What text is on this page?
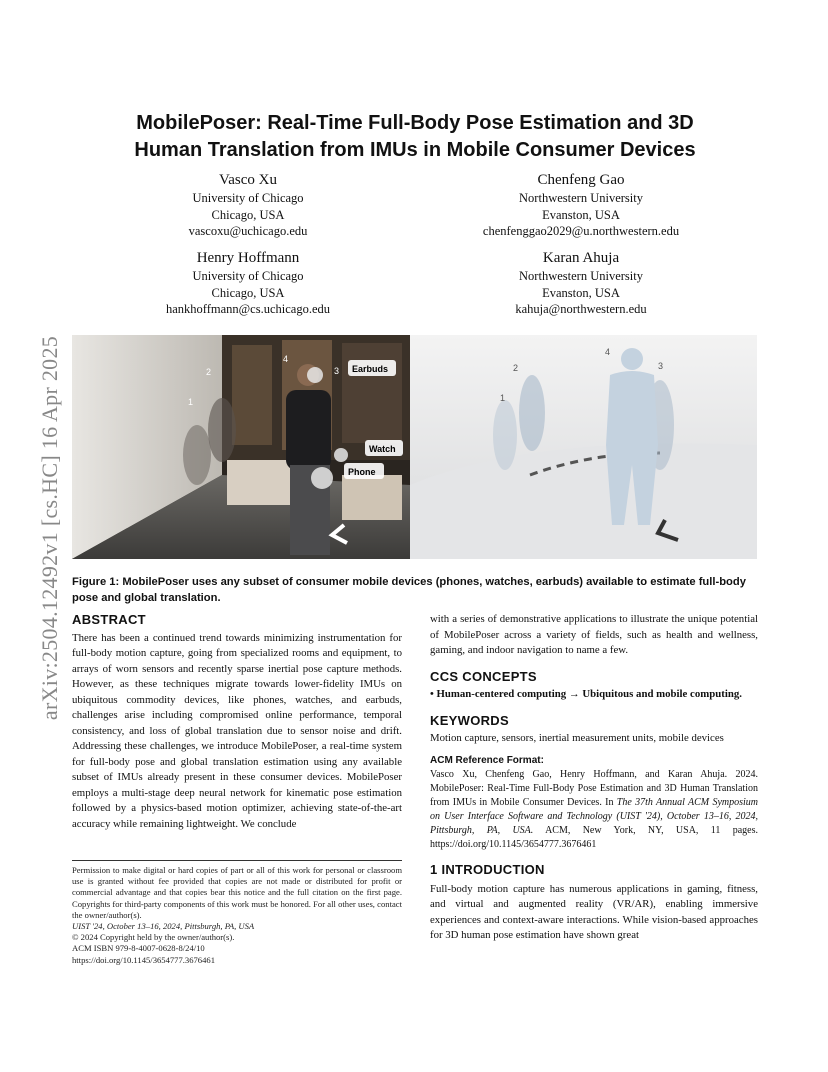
arXiv:2504.12492v1 [cs.HC] 16 Apr 2025
MobilePoser: Real-Time Full-Body Pose Estimation and 3D
Human Translation from IMUs in Mobile Consumer Devices
Vasco Xu
University of Chicago
Chicago, USA
vascoxu@uchicago.edu
Chenfeng Gao
Northwestern University
Evanston, USA
chenfenggao2029@u.northwestern.edu
Henry Hoffmann
University of Chicago
Chicago, USA
hankhoffmann@cs.uchicago.edu
Karan Ahuja
Northwestern University
Evanston, USA
kahuja@northwestern.edu
Earbuds
Watch
Phone
1
2	3
4
1
2	3
4
Figure 1: MobilePoser uses any subset of consumer mobile devices (phones, watches, earbuds) available to estimate full-body pose and global translation.
ABSTRACT

There has been a continued trend towards minimizing instrumentation for full-body motion capture, going from specialized rooms and equipment, to arrays of worn sensors and recently sparse inertial pose capture methods. However, as these techniques migrate towards lower-fidelity IMUs on ubiquitous commodity devices, like phones, watches, and earbuds, challenges arise including compromised online performance, temporal consistency, and loss of global translation due to sensor noise and drift. Addressing these challenges, we introduce MobilePoser, a real-time system for full-body pose and global translation estimation using any available subset of IMUs already present in these consumer devices. MobilePoser employs a multi-stage deep neural network for kinematic pose estimation followed by a physics-based motion optimizer, achieving state-of-the-art accuracy while remaining lightweight. We conclude

with a series of demonstrative applications to illustrate the unique potential of MobilePoser across a variety of fields, such as health and wellness, gaming, and indoor navigation to name a few.

CCS CONCEPTS

• Human-centered computing → Ubiquitous and mobile computing.

KEYWORDS

Motion capture, sensors, inertial measurement units, mobile devices

ACM Reference Format:

Vasco Xu, Chenfeng Gao, Henry Hoffmann, and Karan Ahuja. 2024. MobilePoser: Real-Time Full-Body Pose Estimation and 3D Human Translation from IMUs in Mobile Consumer Devices. In The 37th Annual ACM Symposium on User Interface Software and Technology (UIST '24), October 13–16, 2024, Pittsburgh, PA, USA. ACM, New York, NY, USA, 11 pages. https://doi.org/10.1145/3654777.3676461

1 INTRODUCTION

Full-body motion capture has numerous applications in gaming, fitness, and virtual and augmented reality (VR/AR), enabling immersive experiences and context-aware interactions. While vision-based approaches for 3D human pose estimation have shown great

Permission to make digital or hard copies of part or all of this work for personal or classroom use is granted without fee provided that copies are not made or distributed for profit or commercial advantage and that copies bear this notice and the full citation on the first page. Copyrights for third-party components of this work must be honored. For all other uses, contact the owner/author(s).
UIST '24, October 13–16, 2024, Pittsburgh, PA, USA
© 2024 Copyright held by the owner/author(s).
ACM ISBN 979-8-4007-0628-8/24/10
https://doi.org/10.1145/3654777.3676461
